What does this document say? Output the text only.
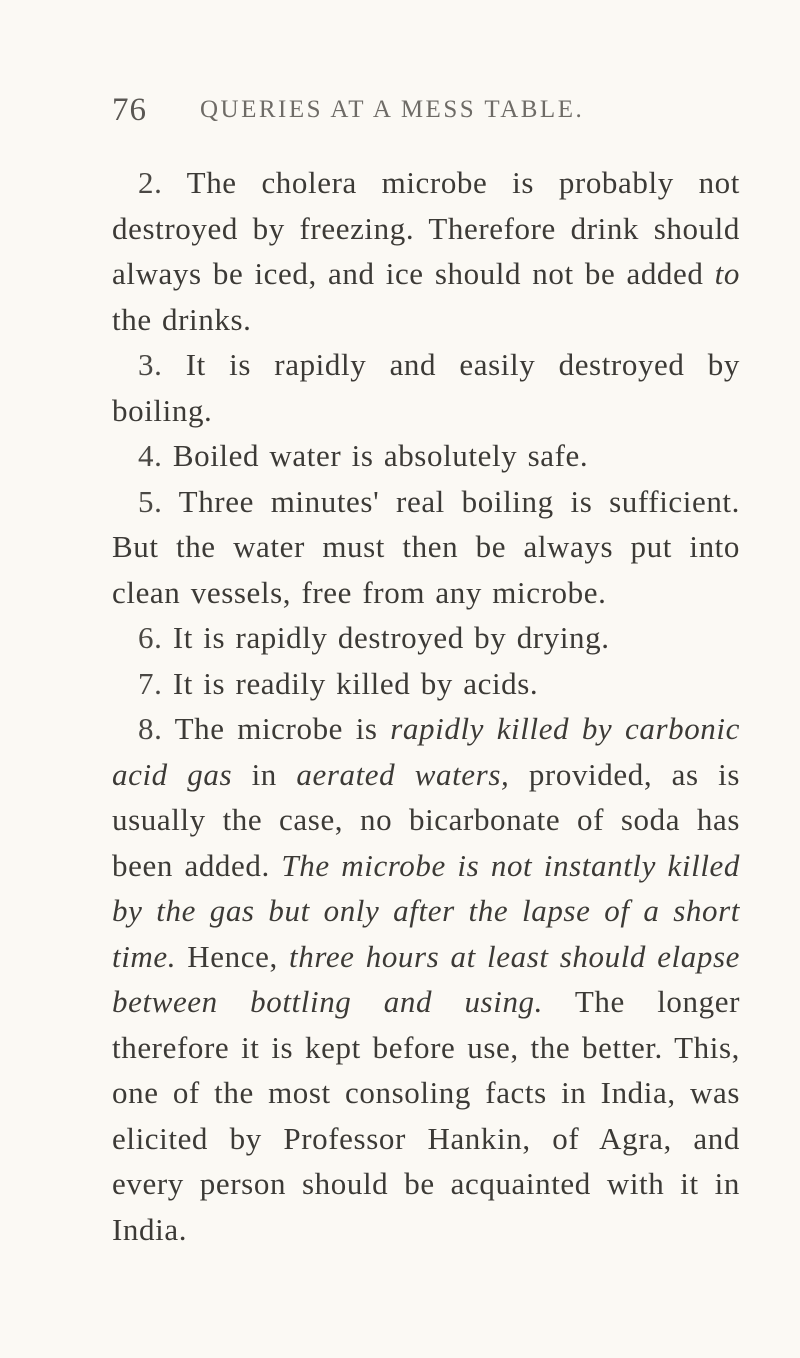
76 QUERIES AT A MESS TABLE.

2. The cholera microbe is probably not destroyed by freezing. Therefore drink should always be iced, and ice should not be added to the drinks.

3. It is rapidly and easily destroyed by boiling.

4. Boiled water is absolutely safe.

5. Three minutes' real boiling is sufficient. But the water must then be always put into clean vessels, free from any microbe.

6. It is rapidly destroyed by drying.

7. It is readily killed by acids.

8. The microbe is rapidly killed by carbonic acid gas in aerated waters, provided, as is usually the case, no bicarbonate of soda has been added. The microbe is not instantly killed by the gas but only after the lapse of a short time. Hence, three hours at least should elapse between bottling and using. The longer therefore it is kept before use, the better. This, one of the most consoling facts in India, was elicited by Professor Hankin, of Agra, and every person should be acquainted with it in India.
